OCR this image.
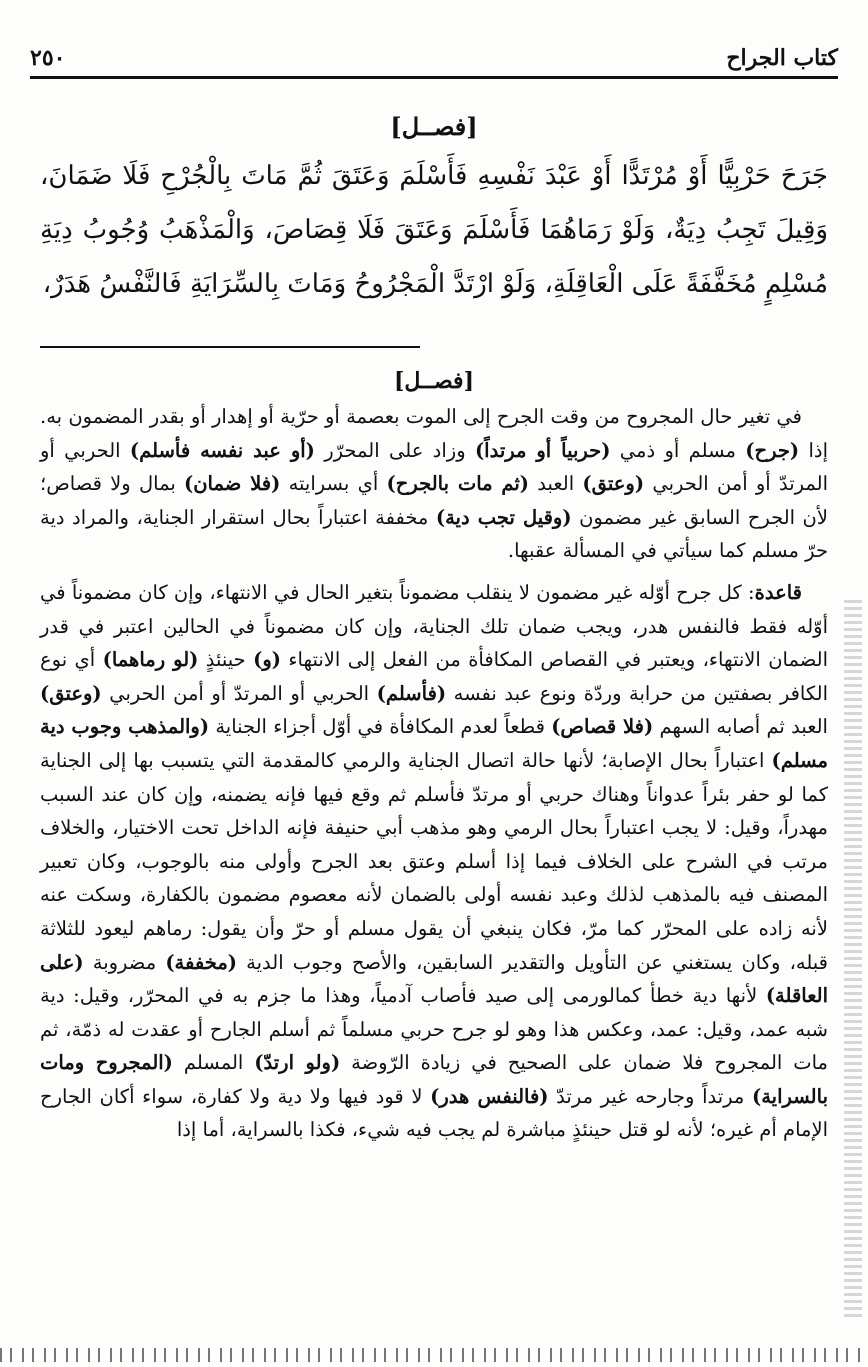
كتاب الجراح
٢٥٠
[فصــل]

جَرَحَ حَرْبِيًّا أَوْ مُرْتَدًّا أَوْ عَبْدَ نَفْسِهِ فَأَسْلَمَ وَعَتَقَ ثُمَّ مَاتَ بِالْجُرْحِ فَلَا ضَمَانَ، وَقِيلَ تَجِبُ دِيَةٌ، وَلَوْ رَمَاهُمَا فَأَسْلَمَ وَعَتَقَ فَلَا قِصَاصَ، وَالْمَذْهَبُ وُجُوبُ دِيَةِ مُسْلِمٍ مُخَفَّفَةً عَلَى الْعَاقِلَةِ، وَلَوْ ارْتَدَّ الْمَجْرُوحُ وَمَاتَ بِالسِّرَايَةِ فَالنَّفْسُ هَدَرٌ،

[فصــل]

في تغير حال المجروح من وقت الجرح إلى الموت بعصمة أو حرّية أو إهدار أو بقدر المضمون به. إذا (جرح) مسلم أو ذمي (حربياً أو مرتداً) وزاد على المحرّر (أو عبد نفسه فأسلم) الحربي أو المرتدّ أو أمن الحربي (وعتق) العبد (ثم مات بالجرح) أي بسرايته (فلا ضمان) بمال ولا قصاص؛ لأن الجرح السابق غير مضمون (وقيل تجب دية) مخففة اعتباراً بحال استقرار الجناية، والمراد دية حرّ مسلم كما سيأتي في المسألة عقبها.

قاعدة: كل جرح أوّله غير مضمون لا ينقلب مضموناً بتغير الحال في الانتهاء، وإن كان مضموناً في أوّله فقط فالنفس هدر، ويجب ضمان تلك الجناية، وإن كان مضموناً في الحالين اعتبر في قدر الضمان الانتهاء، ويعتبر في القصاص المكافأة من الفعل إلى الانتهاء (و) حينئذٍ (لو رماهما) أي نوع الكافر بصفتين من حرابة وردّة ونوع عبد نفسه (فأسلم) الحربي أو المرتدّ أو أمن الحربي (وعتق) العبد ثم أصابه السهم (فلا قصاص) قطعاً لعدم المكافأة في أوّل أجزاء الجناية (والمذهب وجوب دية مسلم) اعتباراً بحال الإصابة؛ لأنها حالة اتصال الجناية والرمي كالمقدمة التي يتسبب بها إلى الجناية كما لو حفر بئراً عدواناً وهناك حربي أو مرتدّ فأسلم ثم وقع فيها فإنه يضمنه، وإن كان عند السبب مهدراً، وقيل: لا يجب اعتباراً بحال الرمي وهو مذهب أبي حنيفة فإنه الداخل تحت الاختيار، والخلاف مرتب في الشرح على الخلاف فيما إذا أسلم وعتق بعد الجرح وأولى منه بالوجوب، وكان تعبير المصنف فيه بالمذهب لذلك وعبد نفسه أولى بالضمان لأنه معصوم مضمون بالكفارة، وسكت عنه لأنه زاده على المحرّر كما مرّ، فكان ينبغي أن يقول مسلم أو حرّ وأن يقول: رماهم ليعود للثلاثة قبله، وكان يستغني عن التأويل والتقدير السابقين، والأصح وجوب الدية (مخففة) مضروبة (على العاقلة) لأنها دية خطأ كمالورمى إلى صيد فأصاب آدمياً، وهذا ما جزم به في المحرّر، وقيل: دية شبه عمد، وقيل: عمد، وعكس هذا وهو لو جرح حربي مسلماً ثم أسلم الجارح أو عقدت له ذمّة، ثم مات المجروح فلا ضمان على الصحيح في زيادة الرّوضة (ولو ارتدّ) المسلم (المجروح ومات بالسراية) مرتداً وجارحه غير مرتدّ (فالنفس هدر) لا قود فيها ولا دية ولا كفارة، سواء أكان الجارح الإمام أم غيره؛ لأنه لو قتل حينئذٍ مباشرة لم يجب فيه شيء، فكذا بالسراية، أما إذا
